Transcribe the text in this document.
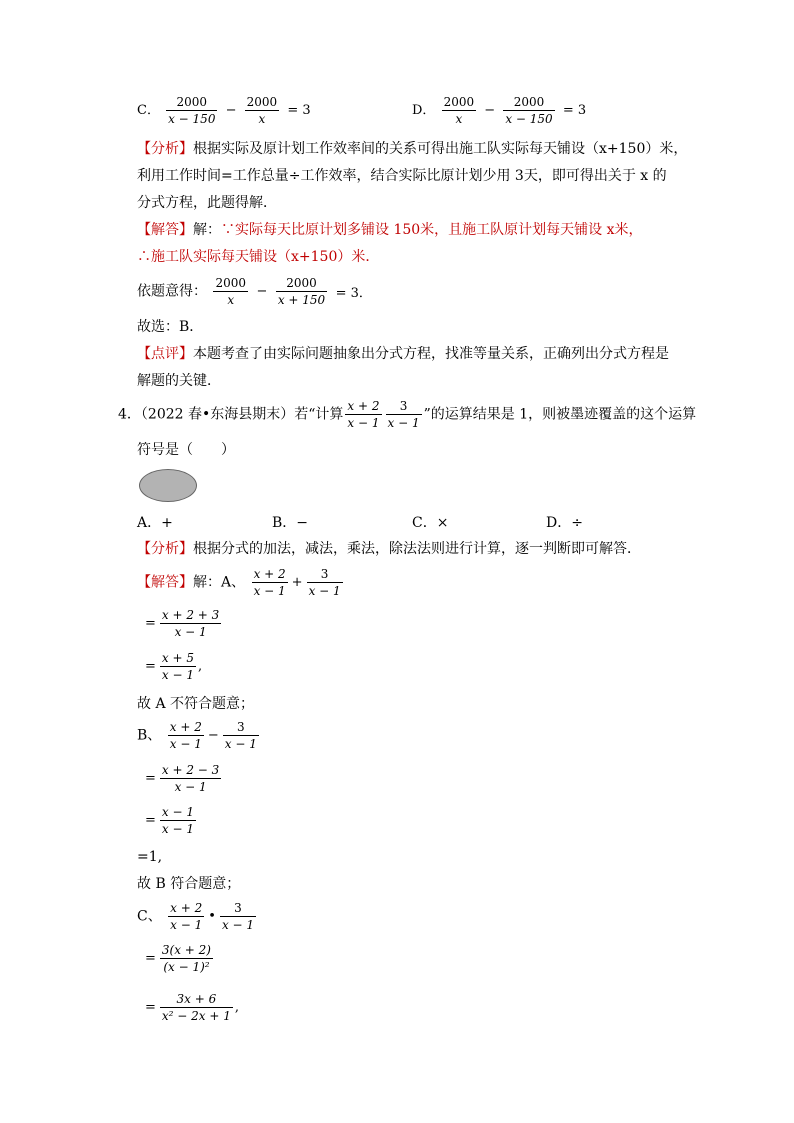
C． $\frac{2000}{x - 150} - \frac{2000}{x} = 3$	D． $\frac{2000}{x} - \frac{2000}{x - 150} = 3$
【分析】根据实际及原计划工作效率间的关系可得出施工队实际每天铺设（x+150）米，
利用工作时间=工作总量÷工作效率，结合实际比原计划少用 3天，即可得出关于 x 的
分式方程，此题得解．
【解答】解：∵实际每天比原计划多铺设 150米，且施工队原计划每天铺设 x米，
∴施工队实际每天铺设（x+150）米．
依题意得： $\frac{2000}{x} - \frac{2000}{x + 150} = 3$．
故选：B．
【点评】本题考查了由实际问题抽象出分式方程，找准等量关系，正确列出分式方程是
解题的关键．
4．（2022 春•东海县期末）若“计算 $\frac{x + 2}{x - 1} \frac{3}{x - 1}$ ”的运算结果是 1，则被墨迹覆盖的这个运算
符号是（　　）
A．+	B．−	C．×	D．÷
【分析】根据分式的加法，减法，乘法，除法法则进行计算，逐一判断即可解答．
【解答】解：A、 $\frac{x + 2}{x - 1} + \frac{3}{x - 1}$
= $\frac{x + 2 + 3}{x - 1}$
= $\frac{x + 5}{x - 1}$ ,
故 A 不符合题意；
B、 $\frac{x + 2}{x - 1} - \frac{3}{x - 1}$
= $\frac{x + 2 - 3}{x - 1}$
= $\frac{x - 1}{x - 1}$
=1,
故 B 符合题意；
C、 $\frac{x + 2}{x - 1}$ • $\frac{3}{x - 1}$
= $\frac{3(x + 2)}{\text{(x − 1)²}}$
= $\frac{3x + 6}{\text{x² − 2x + 1}}$ ,
